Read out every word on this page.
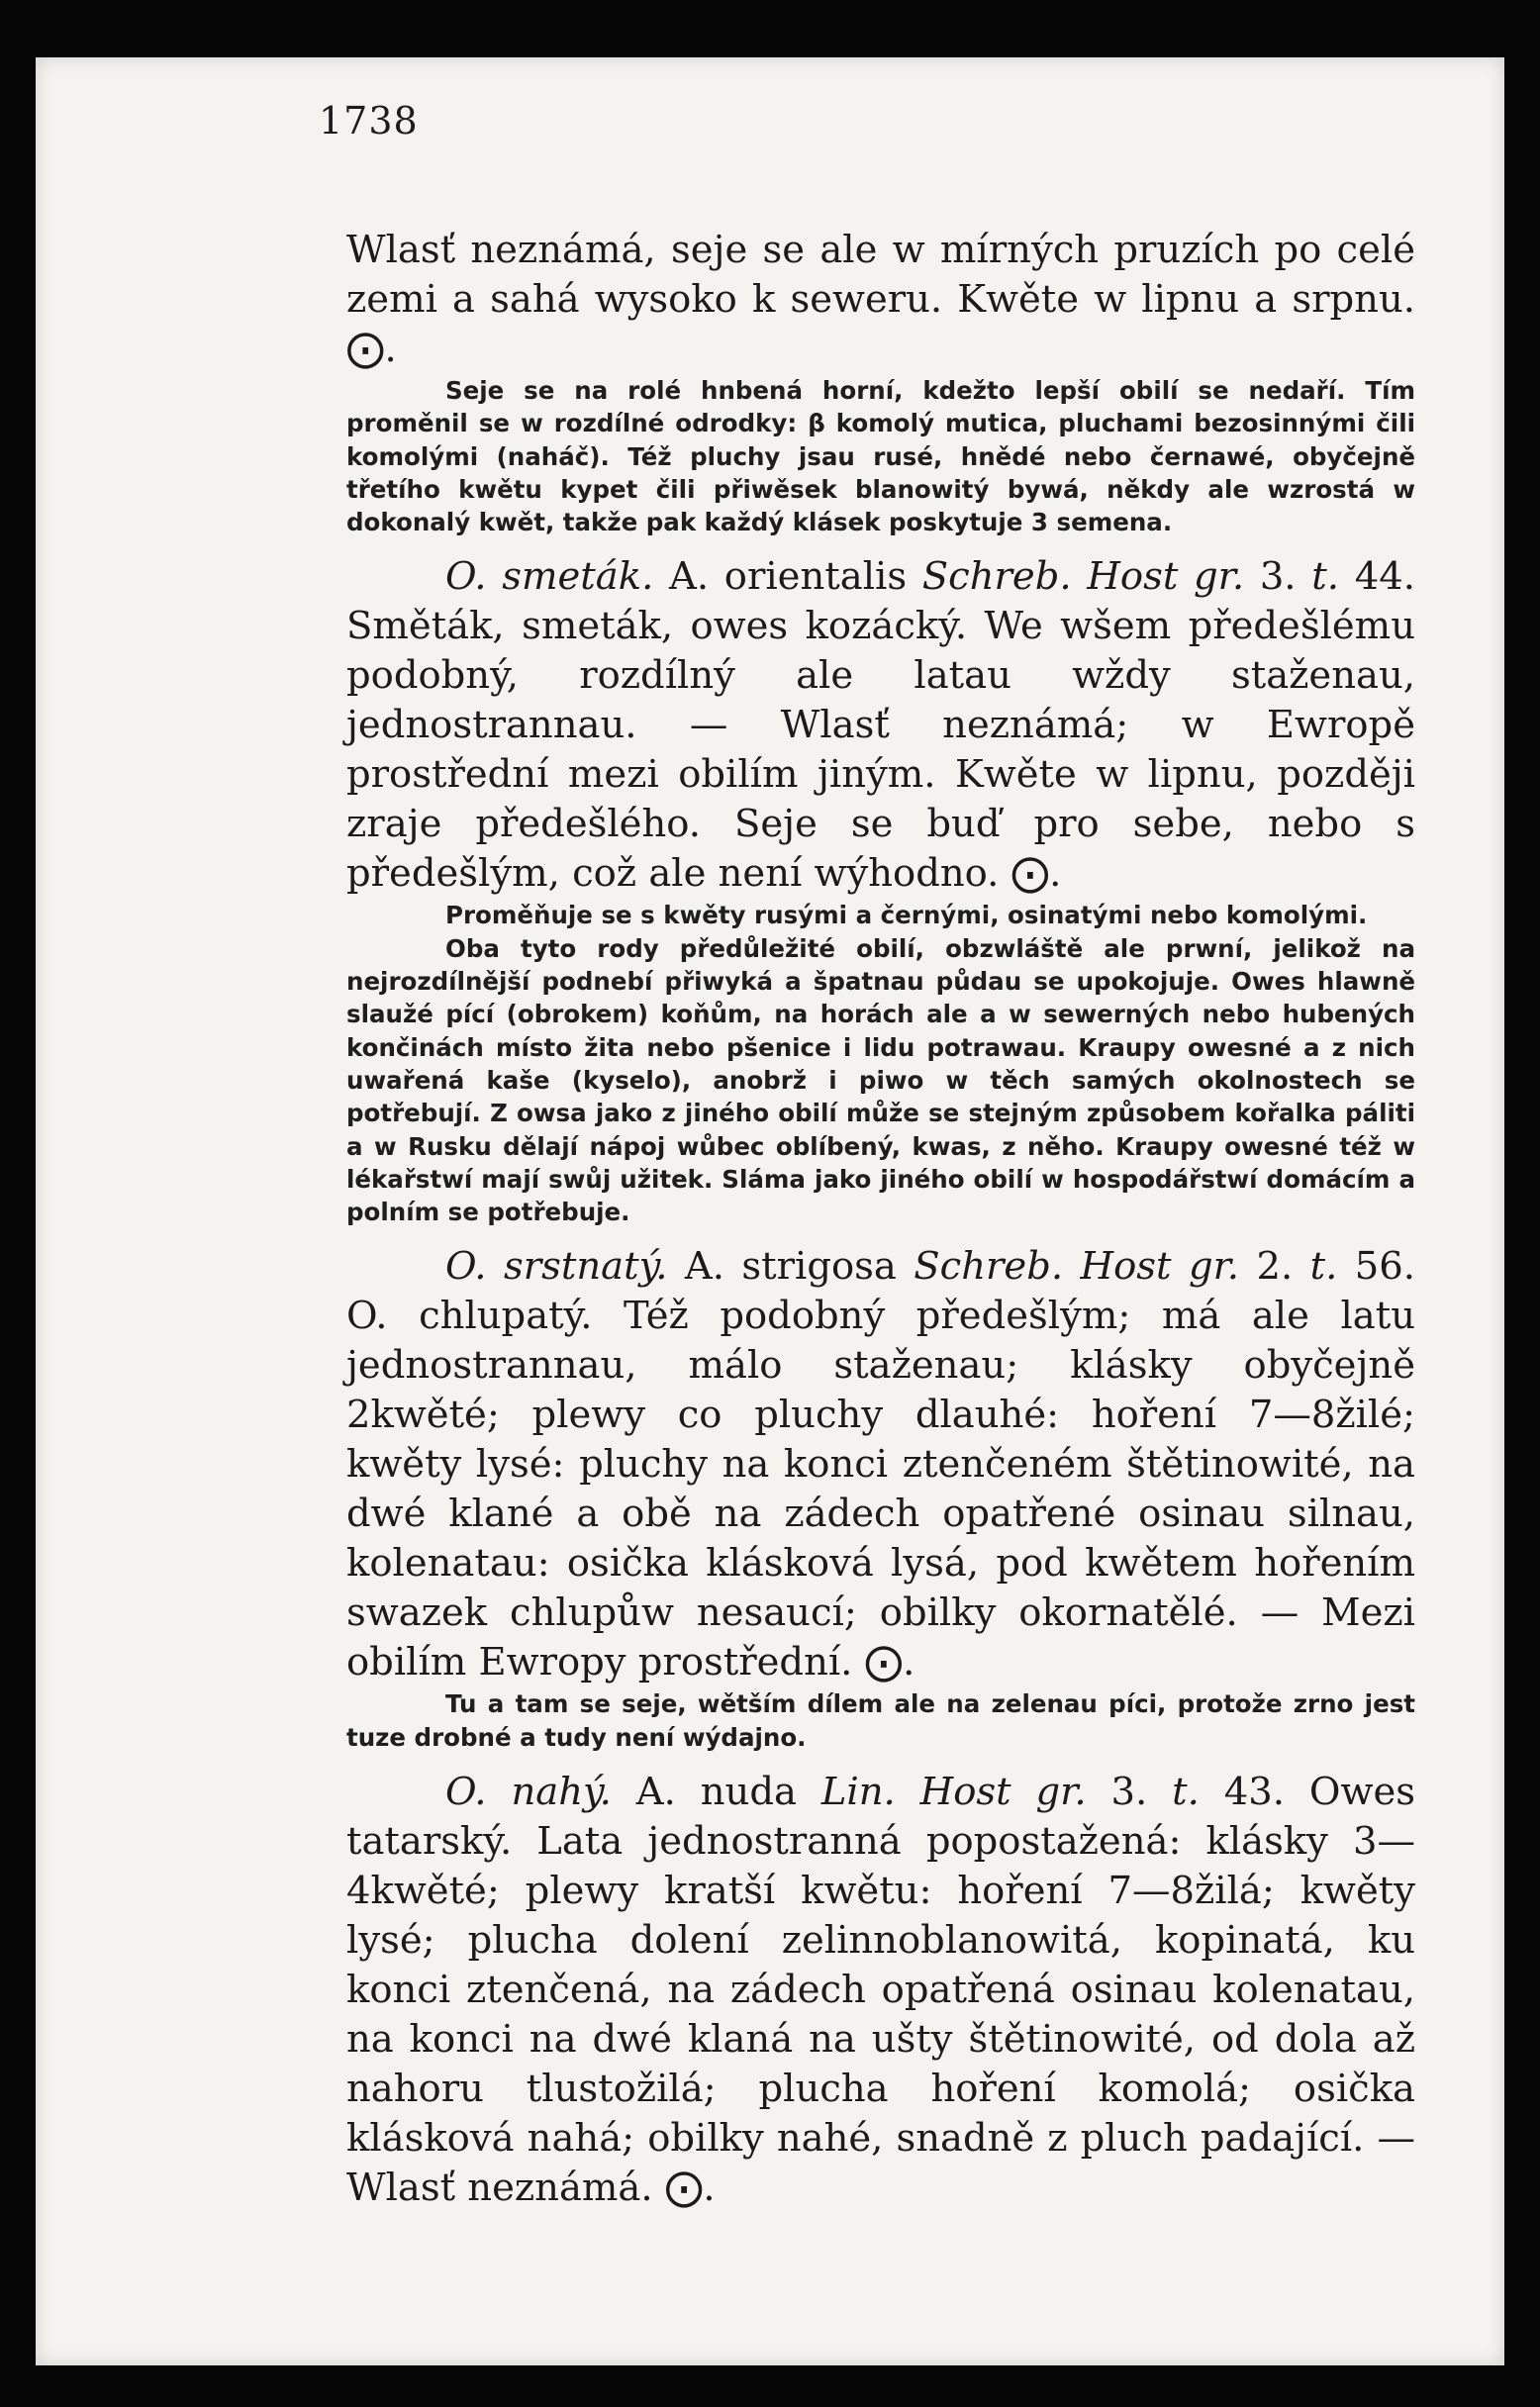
1738

Wlasť neznámá, seje se ale w mírných pruzích po celé zemi a sahá wysoko k seweru. Kwěte w lipnu a srpnu. ⨀.

Seje se na rolé hnbená horní, kdežto lepší obilí se nedaří. Tím proměnil se w rozdílné odrodky: β komolý mutica, pluchami bezosinnými čili komolými (naháč). Též pluchy jsau rusé, hnědé nebo černawé, obyčejně třetího kwětu kypet čili přiwěsek blanowitý bywá, někdy ale wzrostá w dokonalý kwět, takže pak každý klásek poskytuje 3 semena.

O. smeták. A. orientalis Schreb. Host gr. 3. t. 44. Směták, smeták, owes kozácký. We wšem předešlému podobný, rozdílný ale latau wždy staženau, jednostrannau. — Wlasť neznámá; w Ewropě prostřední mezi obilím jiným. Kwěte w lipnu, později zraje předešlého. Seje se buď pro sebe, nebo s předešlým, což ale není wýhodno. ⨀.

Proměňuje se s kwěty rusými a černými, osinatými nebo komolými.

Oba tyto rody předůležité obilí, obzwláště ale prwní, jelikož na nejrozdílnější podnebí přiwyká a špatnau půdau se upokojuje. Owes hlawně slaužé pící (obrokem) koňům, na horách ale a w sewerných nebo hubených končinách místo žita nebo pšenice i lidu potrawau. Kraupy owesné a z nich uwařená kaše (kyselo), anobrž i piwo w těch samých okolnostech se potřebují. Z owsa jako z jiného obilí může se stejným způsobem kořalka páliti a w Rusku dělají nápoj wůbec oblíbený, kwas, z něho. Kraupy owesné též w lékařstwí mají swůj užitek. Sláma jako jiného obilí w hospodářstwí domácím a polním se potřebuje.

O. srstnatý. A. strigosa Schreb. Host gr. 2. t. 56. O. chlupatý. Též podobný předešlým; má ale latu jednostrannau, málo staženau; klásky obyčejně 2kwěté; plewy co pluchy dlauhé: hoření 7—8žilé; kwěty lysé: pluchy na konci ztenčeném štětinowité, na dwé klané a obě na zádech opatřené osinau silnau, kolenatau: osička klásková lysá, pod kwětem hořením swazek chlupůw nesaucí; obilky okornatělé. — Mezi obilím Ewropy prostřední. ⨀.

Tu a tam se seje, wětším dílem ale na zelenau píci, protože zrno jest tuze drobné a tudy není wýdajno.

O. nahý. A. nuda Lin. Host gr. 3. t. 43. Owes tatarský. Lata jednostranná popostažená: klásky 3—4kwěté; plewy kratší kwětu: hoření 7—8žilá; kwěty lysé; plucha dolení zelinnoblanowitá, kopinatá, ku konci ztenčená, na zádech opatřená osinau kolenatau, na konci na dwé klaná na ušty štětinowité, od dola až nahoru tlustožilá; plucha hoření komolá; osička klásková nahá; obilky nahé, snadně z pluch padající. — Wlasť neznámá. ⨀.
